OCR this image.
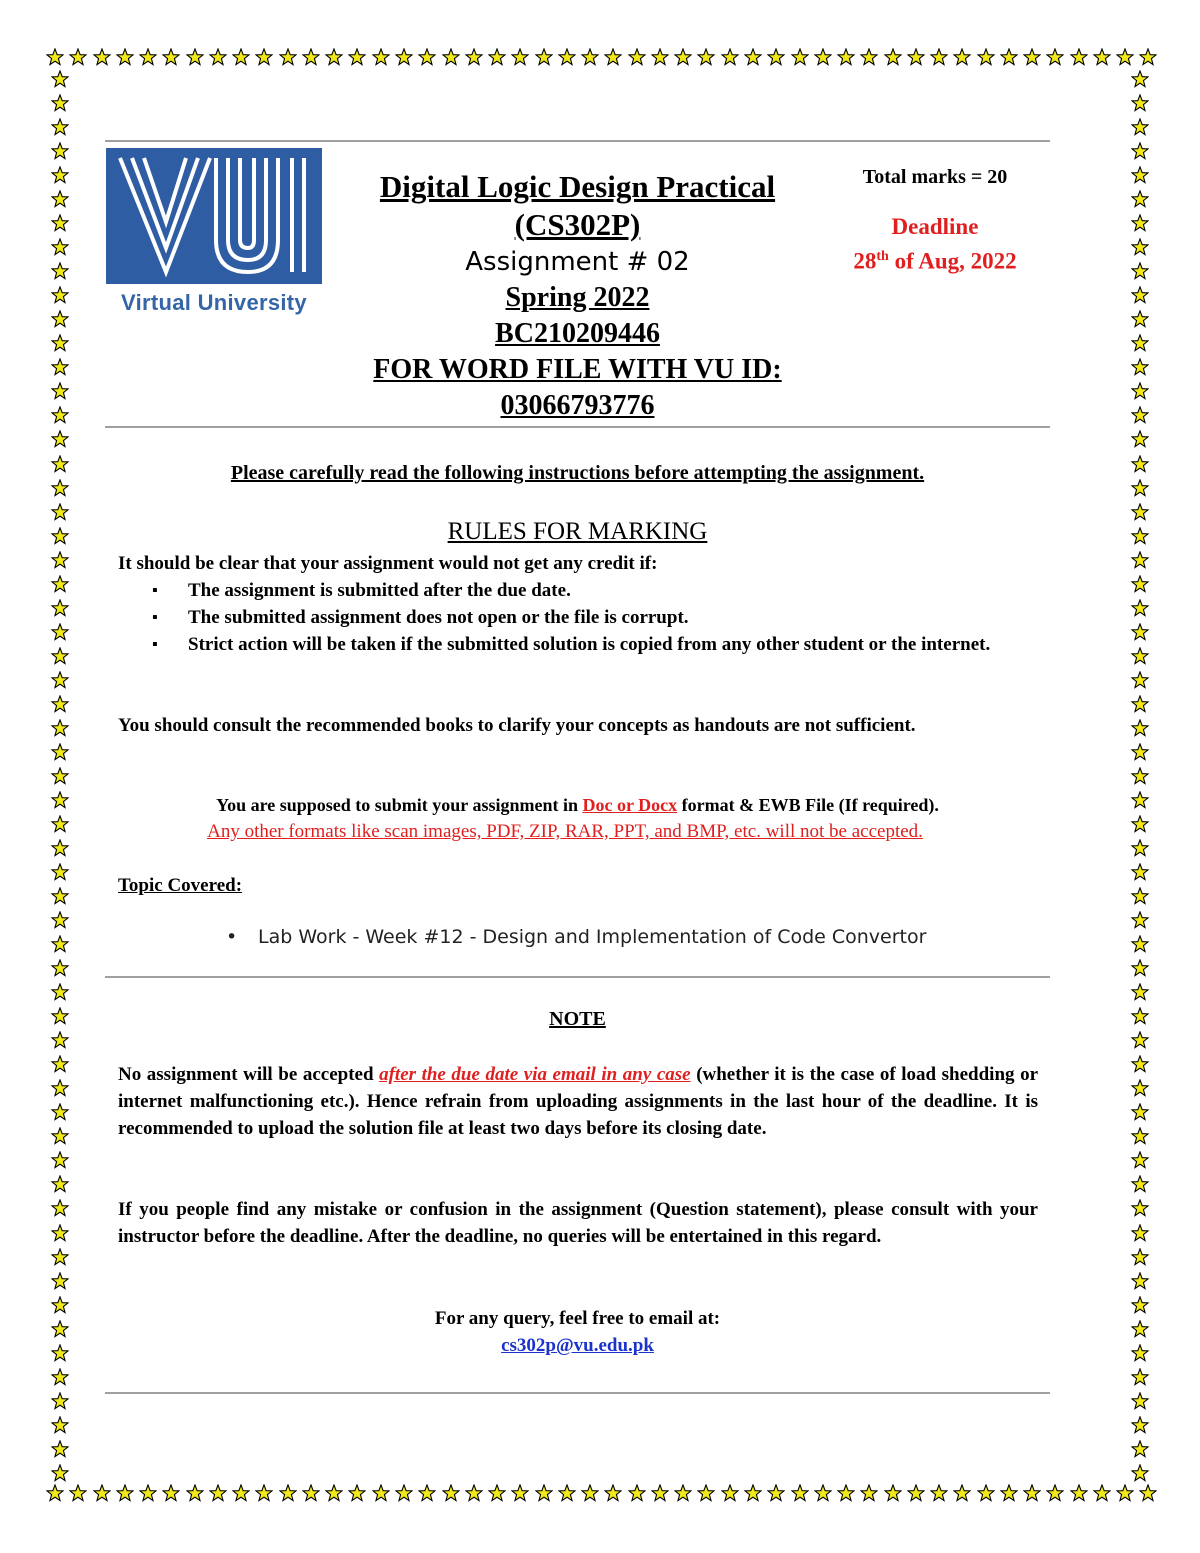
Virtual University
Digital Logic Design Practical
(CS302P)
Assignment # 02
Spring 2022
BC210209446
FOR WORD FILE WITH VU ID:
03066793776
Total marks = 20
Deadline
28th of Aug, 2022
Please carefully read the following instructions before attempting the assignment.
RULES FOR MARKING
It should be clear that your assignment would not get any credit if:
▪ The assignment is submitted after the due date.
▪ The submitted assignment does not open or the file is corrupt.
▪ Strict action will be taken if the submitted solution is copied from any other student or the internet.
You should consult the recommended books to clarify your concepts as handouts are not sufficient.
You are supposed to submit your assignment in Doc or Docx format & EWB File (If required).
Any other formats like scan images, PDF, ZIP, RAR, PPT, and BMP, etc. will not be accepted.
Topic Covered:
• Lab Work - Week #12 - Design and Implementation of Code Convertor
NOTE
No assignment will be accepted after the due date via email in any case (whether it is the case of load shedding or internet malfunctioning etc.). Hence refrain from uploading assignments in the last hour of the deadline. It is recommended to upload the solution file at least two days before its closing date.
If you people find any mistake or confusion in the assignment (Question statement), please consult with your instructor before the deadline. After the deadline, no queries will be entertained in this regard.
For any query, feel free to email at:
cs302p@vu.edu.pk
